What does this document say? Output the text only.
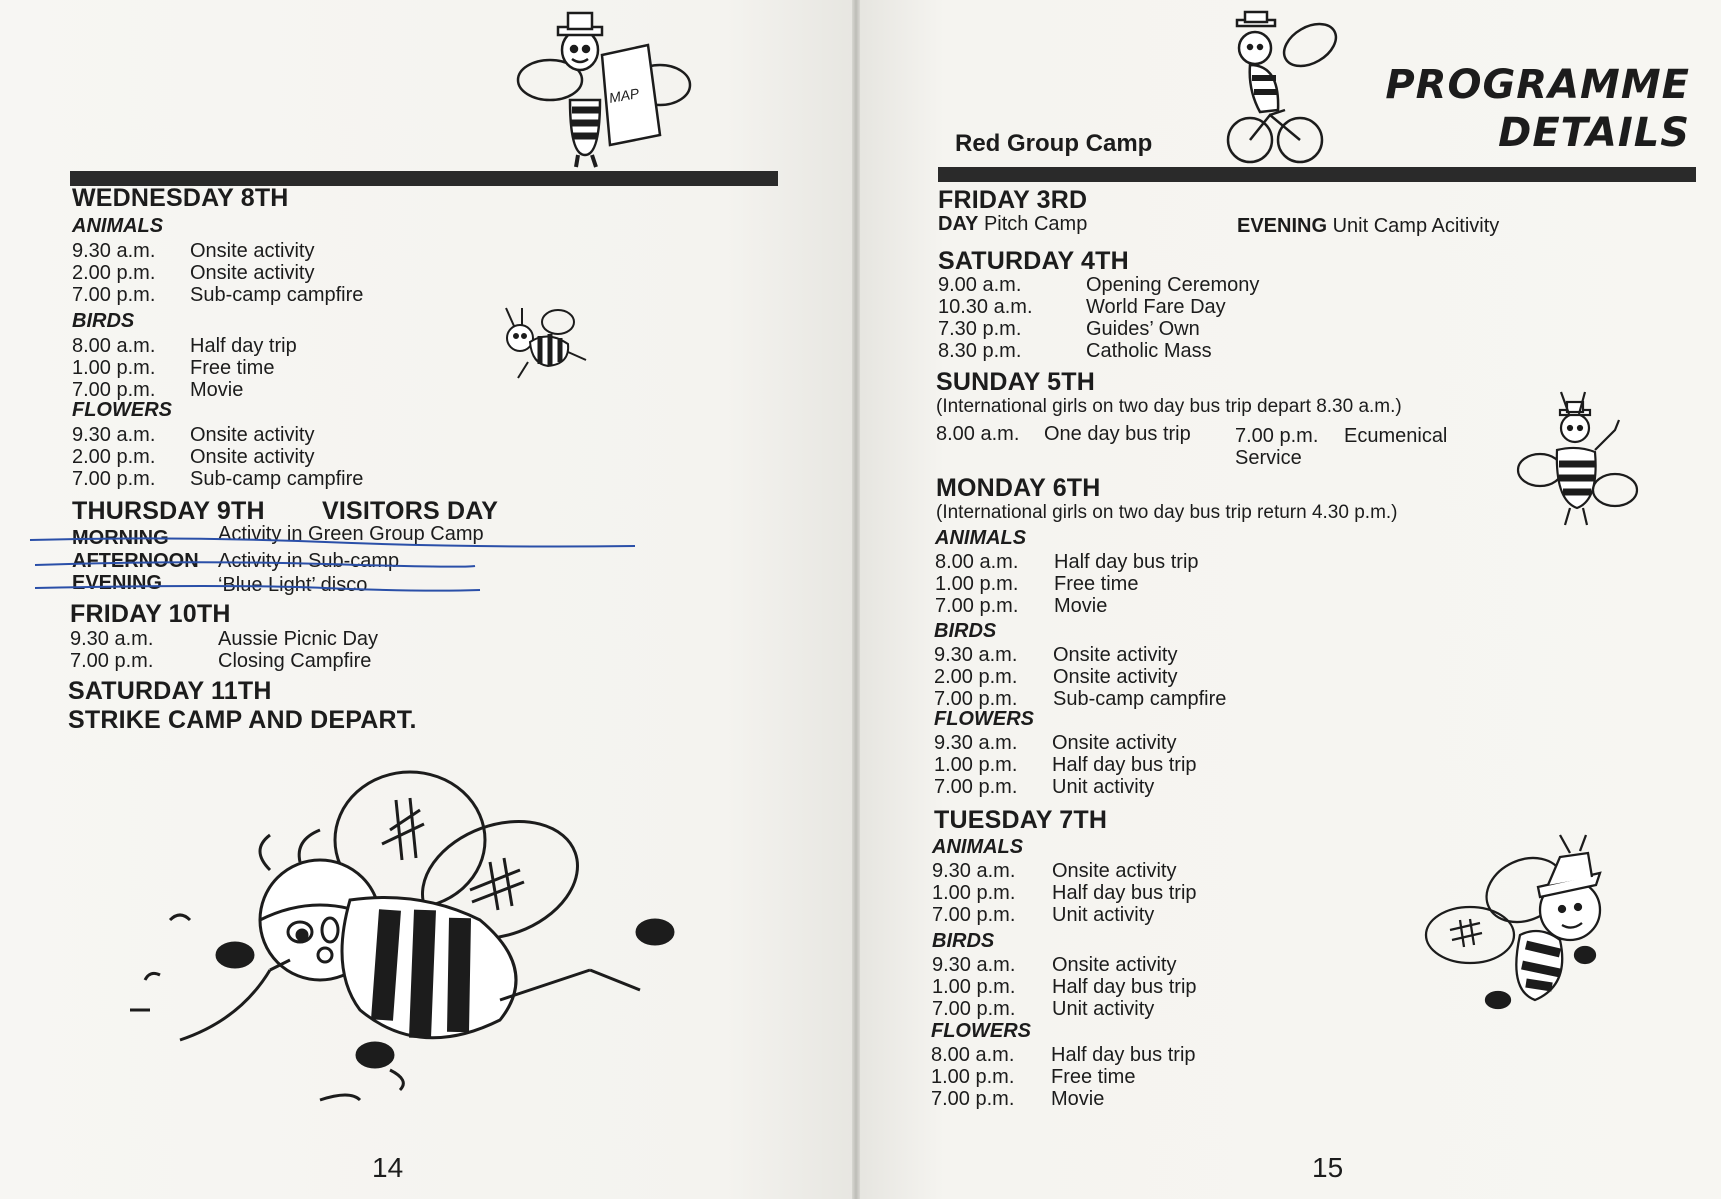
MAP
WEDNESDAY 8TH
ANIMALS
9.30 a.m. Onsite activity
2.00 p.m. Onsite activity
7.00 p.m. Sub-camp campfire
BIRDS
8.00 a.m. Half day trip
1.00 p.m. Free time
7.00 p.m. Movie
FLOWERS
9.30 a.m. Onsite activity
2.00 p.m. Onsite activity
7.00 p.m. Sub-camp campfire
THURSDAY 9TH VISITORS DAY
MORNING Activity in Green Group Camp
AFTERNOON Activity in Sub-camp
EVENING	‘Blue Light’ disco
FRIDAY 10TH
9.30 a.m.	Aussie Picnic Day
7.00 p.m.	Closing Campfire
SATURDAY 11TH
STRIKE CAMP AND DEPART.
14
Red Group Camp
PROGRAMME
DETAILS
FRIDAY 3RD
DAY Pitch Camp	EVENING Unit Camp Acitivity
SATURDAY 4TH
9.00 a.m.	Opening Ceremony
10.30 a.m.	World Fare Day
7.30 p.m.	Guides’ Own
8.30 p.m.	Catholic Mass
SUNDAY 5TH
(International girls on two day bus trip depart 8.30 a.m.)
8.00 a.m. One day bus trip 7.00 p.m. Ecumenical
Service
MONDAY 6TH
(International girls on two day bus trip return 4.30 p.m.)
ANIMALS
8.00 a.m. Half day bus trip
1.00 p.m. Free time
7.00 p.m. Movie
BIRDS
9.30 a.m. Onsite activity
2.00 p.m. Onsite activity
7.00 p.m. Sub-camp campfire
FLOWERS
9.30 a.m. Onsite activity
1.00 p.m. Half day bus trip
7.00 p.m. Unit activity
TUESDAY 7TH
ANIMALS
9.30 a.m. Onsite activity
1.00 p.m. Half day bus trip
7.00 p.m. Unit activity
BIRDS
9.30 a.m. Onsite activity
1.00 p.m. Half day bus trip
7.00 p.m. Unit activity
FLOWERS
8.00 a.m. Half day bus trip
1.00 p.m. Free time
7.00 p.m. Movie
15
